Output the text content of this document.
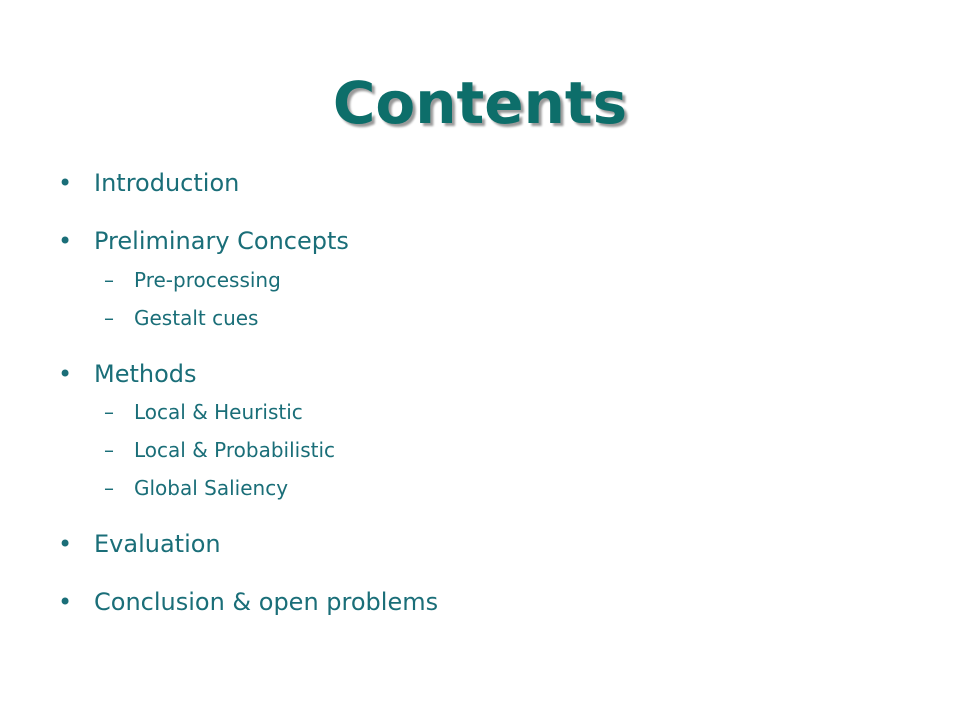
Contents
• Introduction
• Preliminary Concepts
– Pre-processing
– Gestalt cues
• Methods
– Local & Heuristic
– Local & Probabilistic
– Global Saliency
• Evaluation
• Conclusion & open problems
